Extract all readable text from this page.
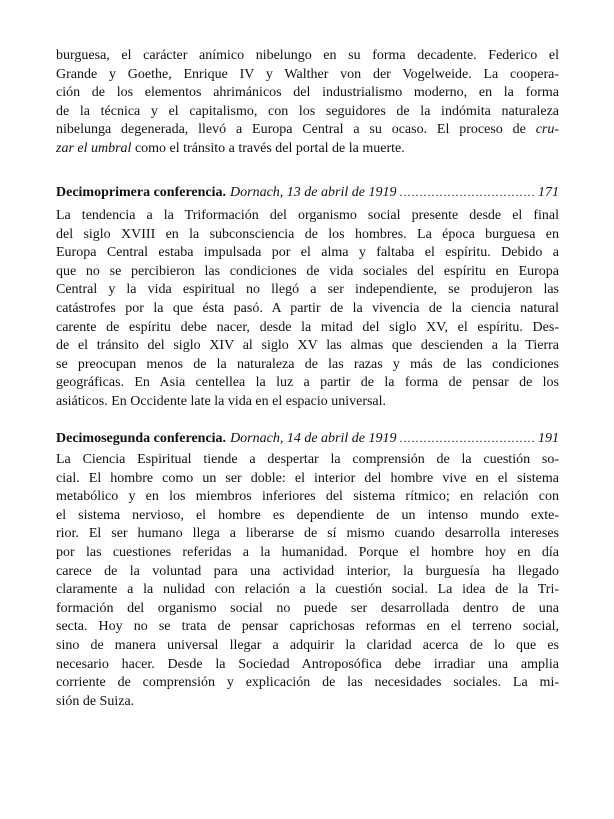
burguesa, el carácter anímico nibelungo en su forma decadente. Federico el
Grande y Goethe, Enrique IV y Walther von der Vogelweide. La coopera-
ción de los elementos ahrimánicos del industrialismo moderno, en la forma
de la técnica y el capitalismo, con los seguidores de la indómita naturaleza
nibelunga degenerada, llevó a Europa Central a su ocaso. El proceso de cru-
zar el umbral como el tránsito a través del portal de la muerte.
Decimoprimera conferencia. Dornach, 13 de abril de 1919 .....	171
La tendencia a la Triformación del organismo social presente desde el final
del siglo XVIII en la subconsciencia de los hombres. La época burguesa en
Europa Central estaba impulsada por el alma y faltaba el espíritu. Debido a
que no se percibieron las condiciones de vida sociales del espíritu en Europa
Central y la vida espiritual no llegó a ser independiente, se produjeron las
catástrofes por la que ésta pasó. A partir de la vivencia de la ciencia natural
carente de espíritu debe nacer, desde la mitad del siglo XV, el espíritu. Des-
de el tránsito del siglo XIV al siglo XV las almas que descienden a la Tierra
se preocupan menos de la naturaleza de las razas y más de las condiciones
geográficas. En Asia centellea la luz a partir de la forma de pensar de los
asiáticos. En Occidente late la vida en el espacio universal.
Decimosegunda conferencia. Dornach, 14 de abril de 1919 .....	191
La Ciencia Espiritual tiende a despertar la comprensión de la cuestión so-
cial. El hombre como un ser doble: el interior del hombre vive en el sistema
metabólico y en los miembros inferiores del sistema rítmico; en relación con
el sistema nervioso, el hombre es dependiente de un intenso mundo exte-
rior. El ser humano llega a liberarse de sí mismo cuando desarrolla intereses
por las cuestiones referidas a la humanidad. Porque el hombre hoy en día
carece de la voluntad para una actividad interior, la burguesía ha llegado
claramente a la nulidad con relación a la cuestión social. La idea de la Tri-
formación del organismo social no puede ser desarrollada dentro de una
secta. Hoy no se trata de pensar caprichosas reformas en el terreno social,
sino de manera universal llegar a adquirir la claridad acerca de lo que es
necesario hacer. Desde la Sociedad Antroposófica debe irradiar una amplia
corriente de comprensión y explicación de las necesidades sociales. La mi-
sión de Suiza.
